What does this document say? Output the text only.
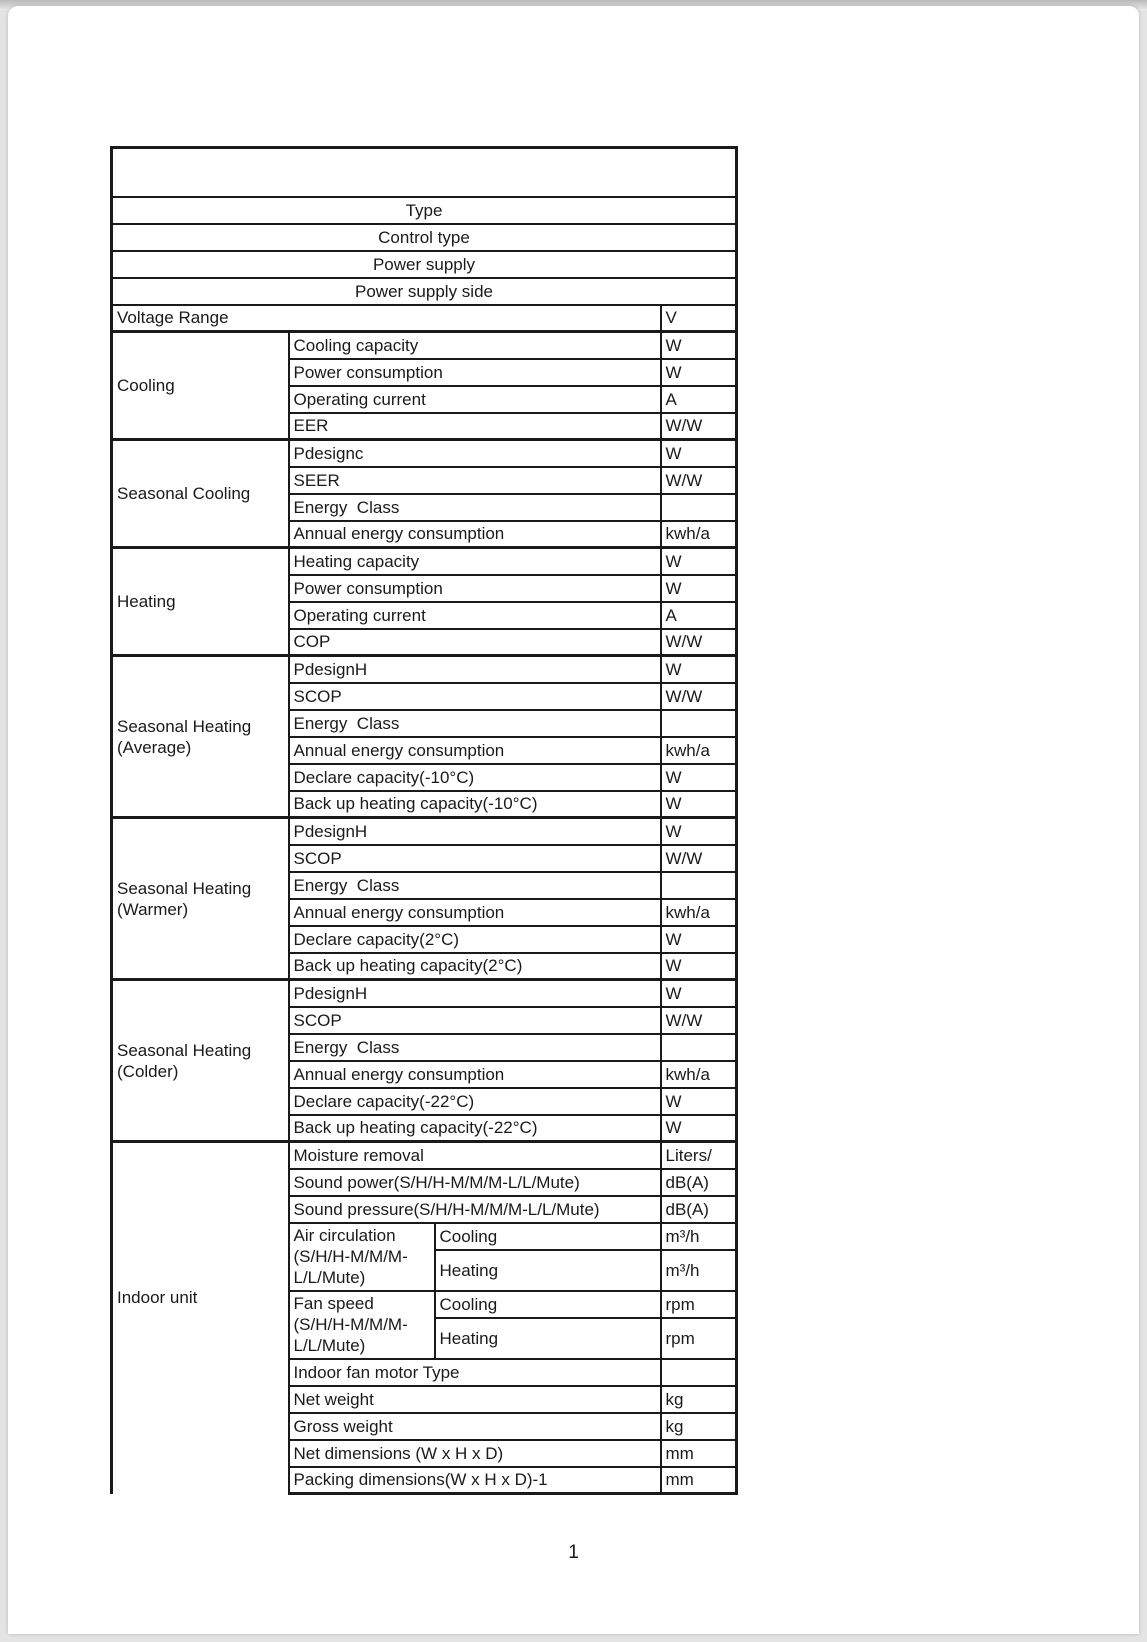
Type			
Control type			
Power supply			
Power supply side			
Voltage Range			V
Cooling	Cooling capacity		W
	Power consumption		W
	Operating current		A
	EER		W/W
Seasonal Cooling	Pdesignc		W
	SEER		W/W
	Energy  Class		
	Annual energy consumption		kwh/a
Heating	Heating capacity		W
	Power consumption		W
	Operating current		A
	COP		W/W
Seasonal Heating (Average)	PdesignH		W
	SCOP		W/W
	Energy  Class		
	Annual energy consumption		kwh/a
	Declare capacity(-10°C)		W
	Back up heating capacity(-10°C)		W
Seasonal Heating (Warmer)	PdesignH		W
	SCOP		W/W
	Energy  Class		
	Annual energy consumption		kwh/a
	Declare capacity(2°C)		W
	Back up heating capacity(2°C)		W
Seasonal Heating (Colder)	PdesignH		W
	SCOP		W/W
	Energy  Class		
	Annual energy consumption		kwh/a
	Declare capacity(-22°C)		W
	Back up heating capacity(-22°C)		W
Indoor unit	Moisture removal		Liters/
	Sound power(S/H/H-M/M/M-L/L/Mute)		dB(A)
	Sound pressure(S/H/H-M/M/M-L/L/Mute)		dB(A)
	Air circulation (S/H/H-M/M/M-L/L/Mute)	Cooling	m³/h
		Heating	m³/h
	Fan speed (S/H/H-M/M/M-L/L/Mute)	Cooling	rpm
		Heating	rpm
	Indoor fan motor Type		
	Net weight		kg
	Gross weight		kg
	Net dimensions (W x H x D)		mm
	Packing dimensions(W x H x D)-1		mm
1
